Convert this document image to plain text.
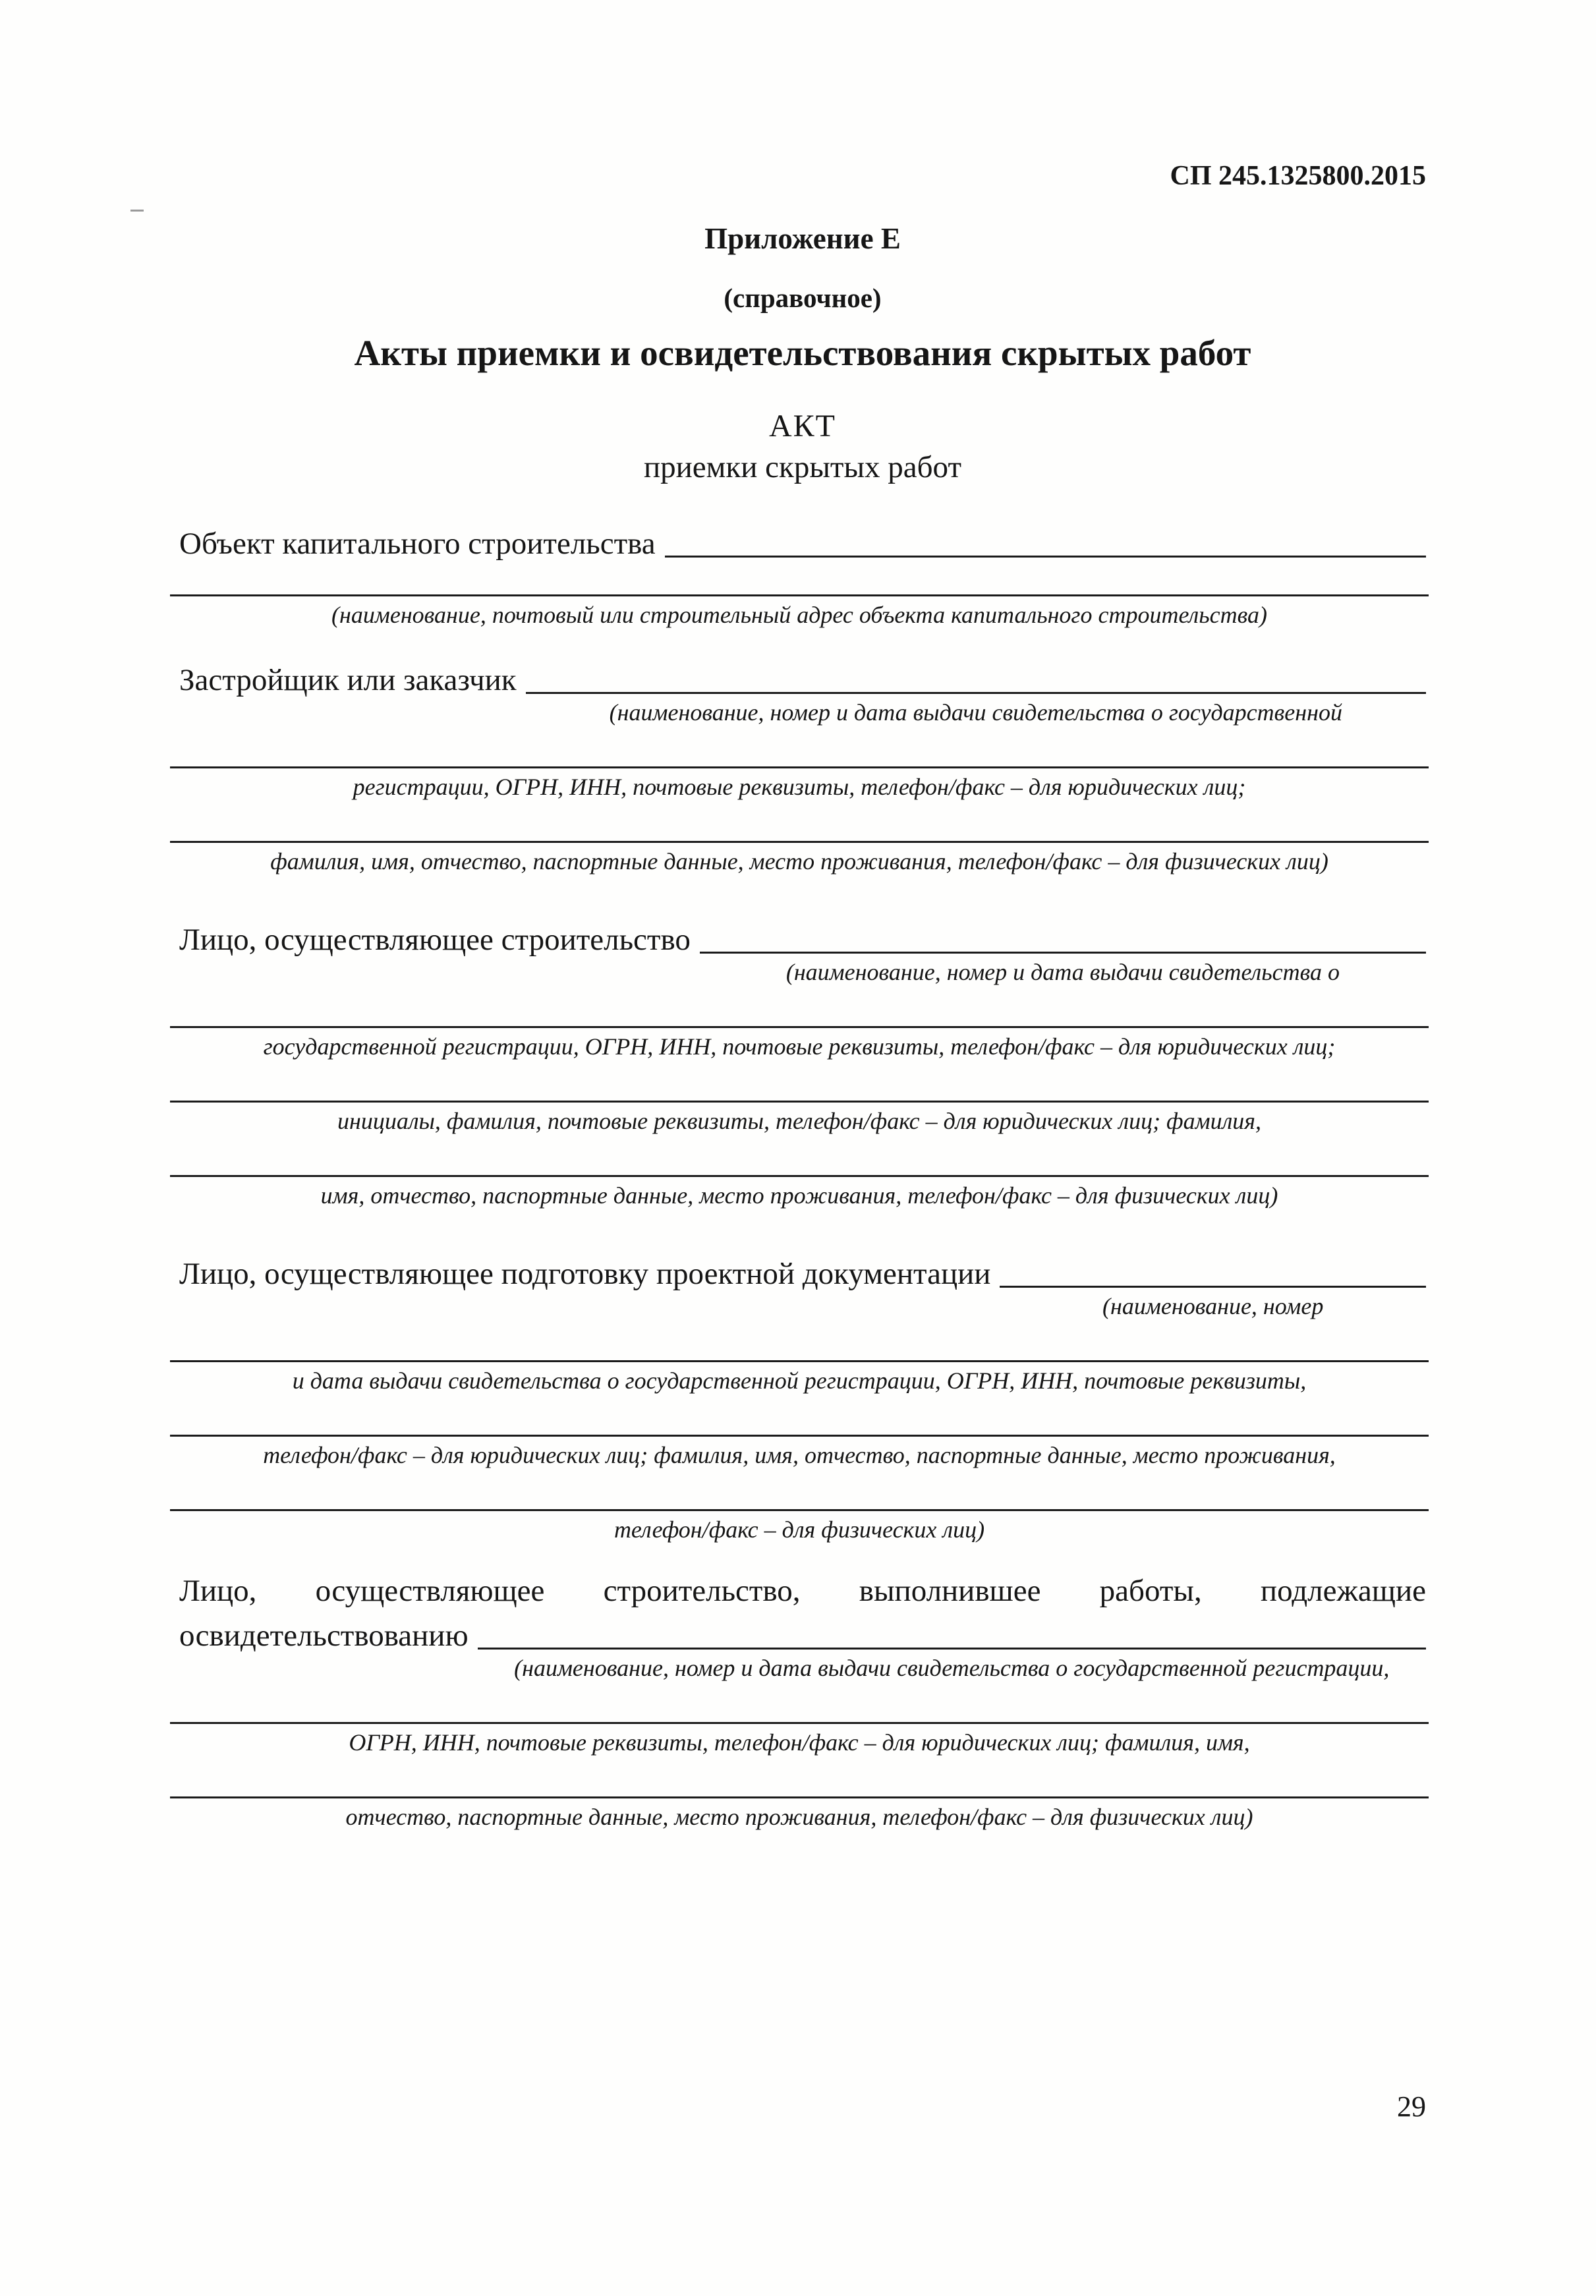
СП 245.1325800.2015
Приложение Е
(справочное)
Акты приемки и освидетельствования скрытых работ
АКТ
приемки скрытых работ
Объект капитального строительства
(наименование, почтовый или строительный адрес объекта капитального строительства)
Застройщик или заказчик
(наименование, номер и дата выдачи свидетельства о государственной
регистрации, ОГРН, ИНН, почтовые реквизиты, телефон/факс – для юридических лиц;
фамилия, имя, отчество, паспортные данные, место проживания, телефон/факс – для физических лиц)
Лицо, осуществляющее строительство
(наименование, номер и дата выдачи свидетельства о
государственной регистрации, ОГРН, ИНН, почтовые реквизиты, телефон/факс – для юридических лиц;
инициалы, фамилия, почтовые реквизиты, телефон/факс – для юридических лиц; фамилия,
имя, отчество, паспортные данные, место проживания, телефон/факс – для физических лиц)
Лицо, осуществляющее подготовку проектной документации
(наименование, номер
и дата выдачи свидетельства о государственной регистрации, ОГРН, ИНН, почтовые реквизиты,
телефон/факс – для юридических лиц; фамилия, имя, отчество, паспортные данные, место проживания,
телефон/факс – для физических лиц)
Лицо, осуществляющее строительство, выполнившее работы, подлежащие
освидетельствованию
(наименование, номер и дата выдачи свидетельства о государственной регистрации,
ОГРН, ИНН, почтовые реквизиты, телефон/факс – для юридических лиц; фамилия, имя,
отчество, паспортные данные, место проживания, телефон/факс – для физических лиц)
29
